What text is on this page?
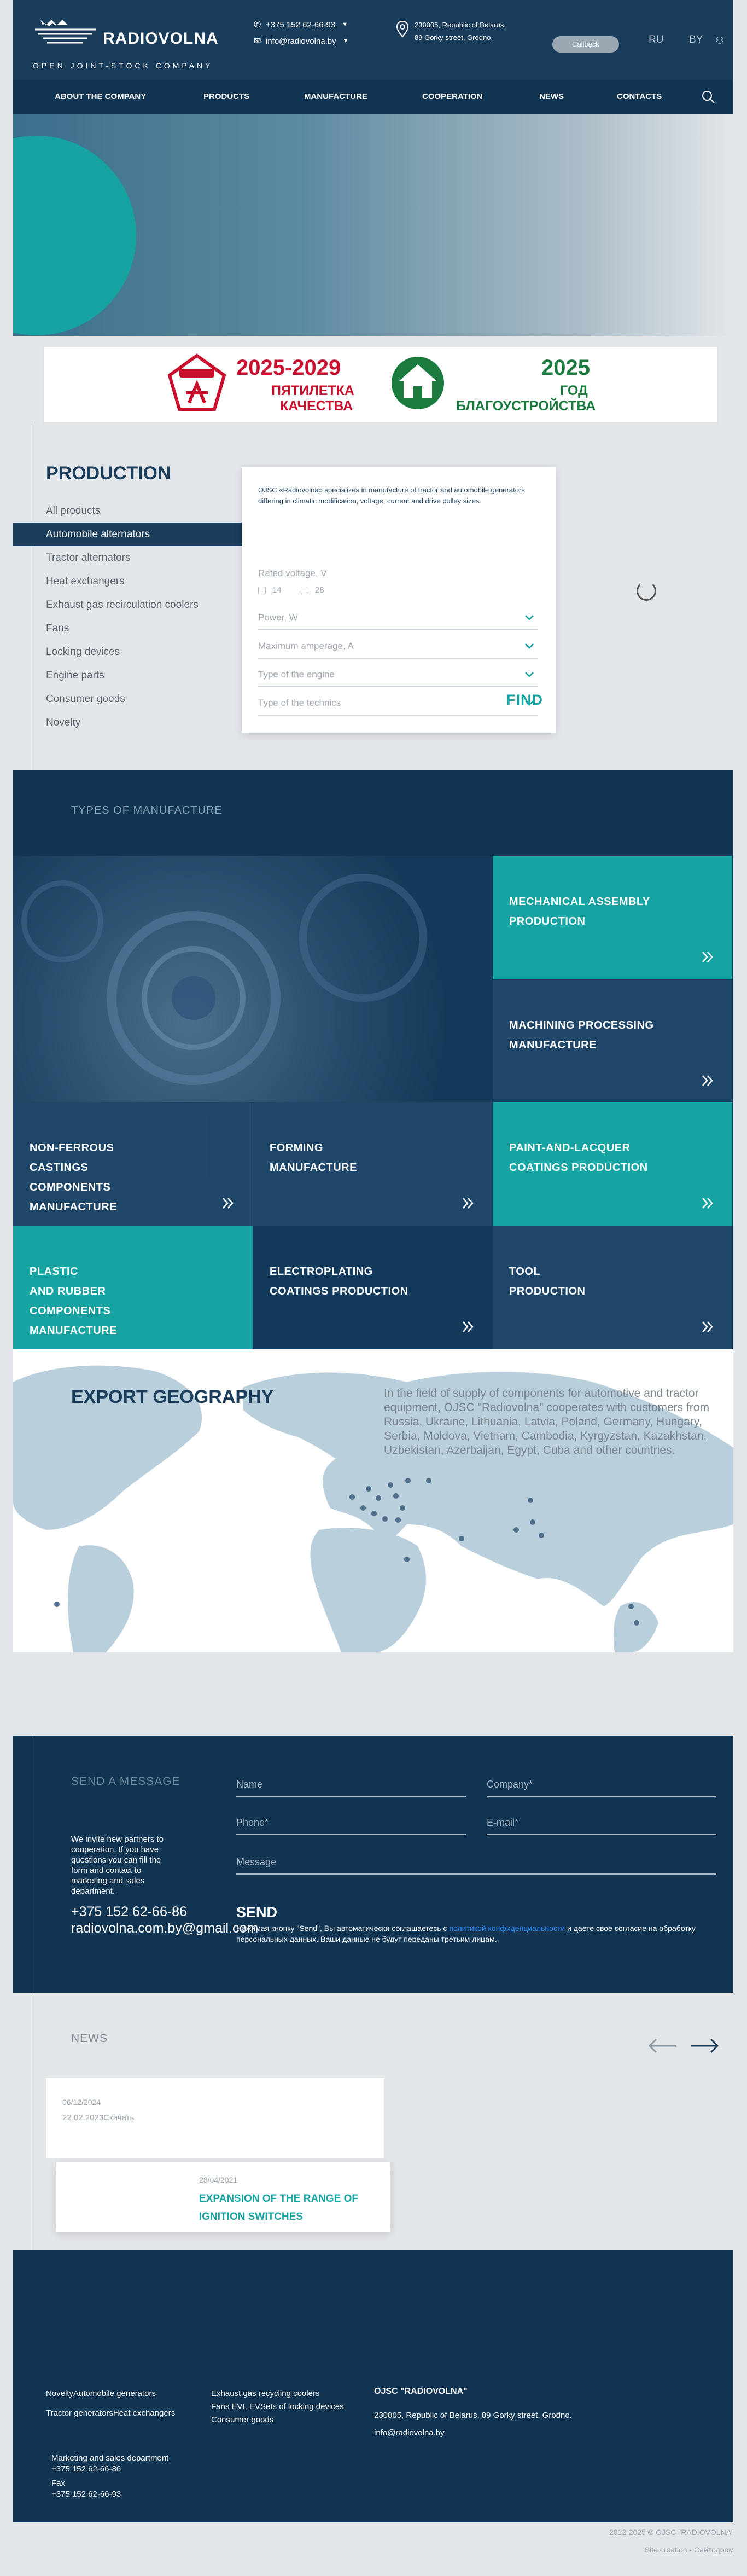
RADIOVOLNA
OPEN JOINT-STOCK COMPANY
✆ +375 152 62-66-93 ▼
✉ info@radiovolna.by ▼
230005, Republic of Belarus,
89 Gorky street, Grodno.
Callback	RU BY ⚇
ABOUT THE COMPANY	PRODUCTS	MANUFACTURE	COOPERATION	NEWS	CONTACTS
2025-2029
ПЯТИЛЕТКА
КАЧЕСТВА
2025
ГОД
БЛАГОУСТРОЙСТВА
PRODUCTION
All products
Automobile alternators
Tractor alternators
Heat exchangers
Exhaust gas recirculation coolers
Fans
Locking devices
Engine parts
Consumer goods
Novelty
OJSC «Radiovolna» specializes in manufacture of tractor and automobile generators differing in climatic modification, voltage, current and drive pulley sizes.
Rated voltage, V
14	28
Power, W
Maximum amperage, A
Type of the engine
Type of the technics	FIND
TYPES OF MANUFACTURE
MECHANICAL ASSEMBLY
PRODUCTION
MACHINING PROCESSING
MANUFACTURE
NON-FERROUS
CASTINGS
COMPONENTS
MANUFACTURE
FORMING
MANUFACTURE
PAINT-AND-LACQUER
COATINGS PRODUCTION
PLASTIC
AND RUBBER
COMPONENTS
MANUFACTURE
ELECTROPLATING
COATINGS PRODUCTION
TOOL
PRODUCTION
EXPORT GEOGRAPHY	In the field of supply of components for automotive and tractor equipment, OJSC "Radiovolna" cooperates with customers from Russia, Ukraine, Lithuania, Latvia, Poland, Germany, Hungary, Serbia, Moldova, Vietnam, Cambodia, Kyrgyzstan, Kazakhstan, Uzbekistan, Azerbaijan, Egypt, Cuba and other countries.
SEND A MESSAGE
We invite new partners to cooperation. If you have questions you can fill the form and contact to marketing and sales department.
+375 152 62-66-86
radiovolna.com.by@gmail.com
Name	Company*
Phone*	E-mail*
Message
SEND
Нажимая кнопку "Send", Вы автоматически соглашаетесь с политикой конфиденциальности и даете свое согласие на обработку персональных данных. Ваши данные не будут переданы третьим лицам.
NEWS
06/12/2024
22.02.2023Скачать
28/04/2021
EXPANSION OF THE RANGE OF
IGNITION SWITCHES
NoveltyAutomobile generators
Tractor generatorsHeat exchangers
Exhaust gas recycling coolers
Fans EVI, EVSets of locking devices
Consumer goods
OJSC "RADIOVOLNA"
230005, Republic of Belarus, 89 Gorky street, Grodno.
info@radiovolna.by
Marketing and sales department
+375 152 62-66-86
Fax
+375 152 62-66-93
2012-2025 © OJSC "RADIOVOLNA"
Site creation - Сайтодром
